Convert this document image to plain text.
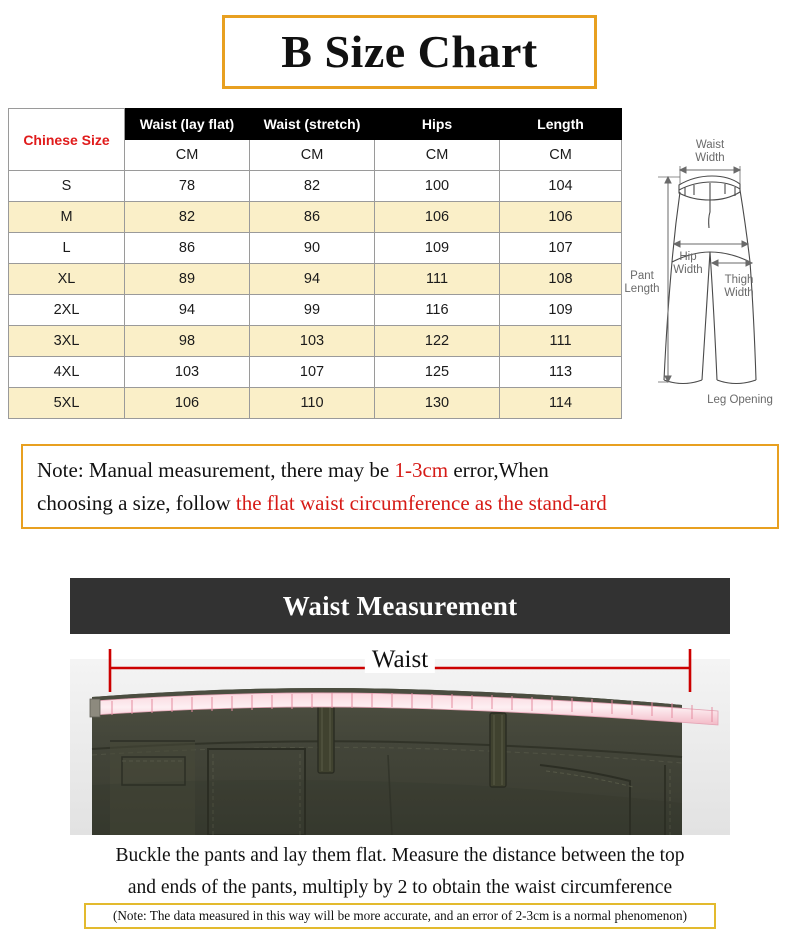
B Size Chart
Chinese Size	Waist (lay flat)	Waist (stretch)	Hips	Length
	CM	CM	CM	CM
S	78	82	100	104
M	82	86	106	106
L	86	90	109	107
XL	89	94	111	108
2XL	94	99	116	109
3XL	98	103	122	111
4XL	103	107	125	113
5XL	106	110	130	114
Waist
Width
Hip
Width
Thigh
Width
Pant
Length
Leg Opening
Note: Manual measurement, there may be 1-3cm error,When
choosing a size, follow the flat waist circumference as the stand-ard
Waist Measurement
Waist
Buckle the pants and lay them flat. Measure the distance between the top
and ends of the pants, multiply by 2 to obtain the waist circumference
(Note: The data measured in this way will be more accurate, and an error of 2-3cm is a normal phenomenon)
